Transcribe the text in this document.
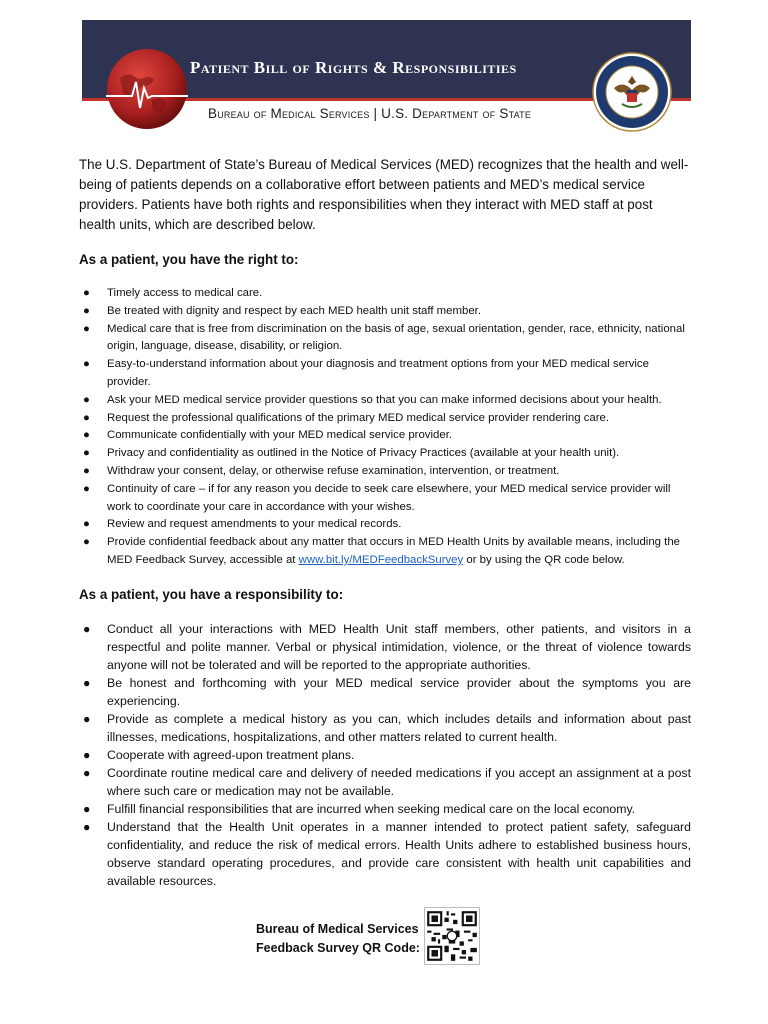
Patient Bill of Rights & Responsibilities
Bureau of Medical Services | U.S. Department of State
The U.S. Department of State’s Bureau of Medical Services (MED) recognizes that the health and well-being of patients depends on a collaborative effort between patients and MED’s medical service providers. Patients have both rights and responsibilities when they interact with MED staff at post health units, which are described below.
As a patient, you have the right to:
● Timely access to medical care.
● Be treated with dignity and respect by each MED health unit staff member.
● Medical care that is free from discrimination on the basis of age, sexual orientation, gender, race, ethnicity, national origin, language, disease, disability, or religion.
● Easy-to-understand information about your diagnosis and treatment options from your MED medical service provider.
● Ask your MED medical service provider questions so that you can make informed decisions about your health.
● Request the professional qualifications of the primary MED medical service provider rendering care.
● Communicate confidentially with your MED medical service provider.
● Privacy and confidentiality as outlined in the Notice of Privacy Practices (available at your health unit).
● Withdraw your consent, delay, or otherwise refuse examination, intervention, or treatment.
● Continuity of care – if for any reason you decide to seek care elsewhere, your MED medical service provider will work to coordinate your care in accordance with your wishes.
● Review and request amendments to your medical records.
● Provide confidential feedback about any matter that occurs in MED Health Units by available means, including the MED Feedback Survey, accessible at www.bit.ly/MEDFeedbackSurvey or by using the QR code below.
As a patient, you have a responsibility to:
● Conduct all your interactions with MED Health Unit staff members, other patients, and visitors in a respectful and polite manner. Verbal or physical intimidation, violence, or the threat of violence towards anyone will not be tolerated and will be reported to the appropriate authorities.
● Be honest and forthcoming with your MED medical service provider about the symptoms you are experiencing.
● Provide as complete a medical history as you can, which includes details and information about past illnesses, medications, hospitalizations, and other matters related to current health.
● Cooperate with agreed-upon treatment plans.
● Coordinate routine medical care and delivery of needed medications if you accept an assignment at a post where such care or medication may not be available.
● Fulfill financial responsibilities that are incurred when seeking medical care on the local economy.
● Understand that the Health Unit operates in a manner intended to protect patient safety, safeguard confidentiality, and reduce the risk of medical errors. Health Units adhere to established business hours, observe standard operating procedures, and provide care consistent with health unit capabilities and available resources.
Bureau of Medical Services
Feedback Survey QR Code:
